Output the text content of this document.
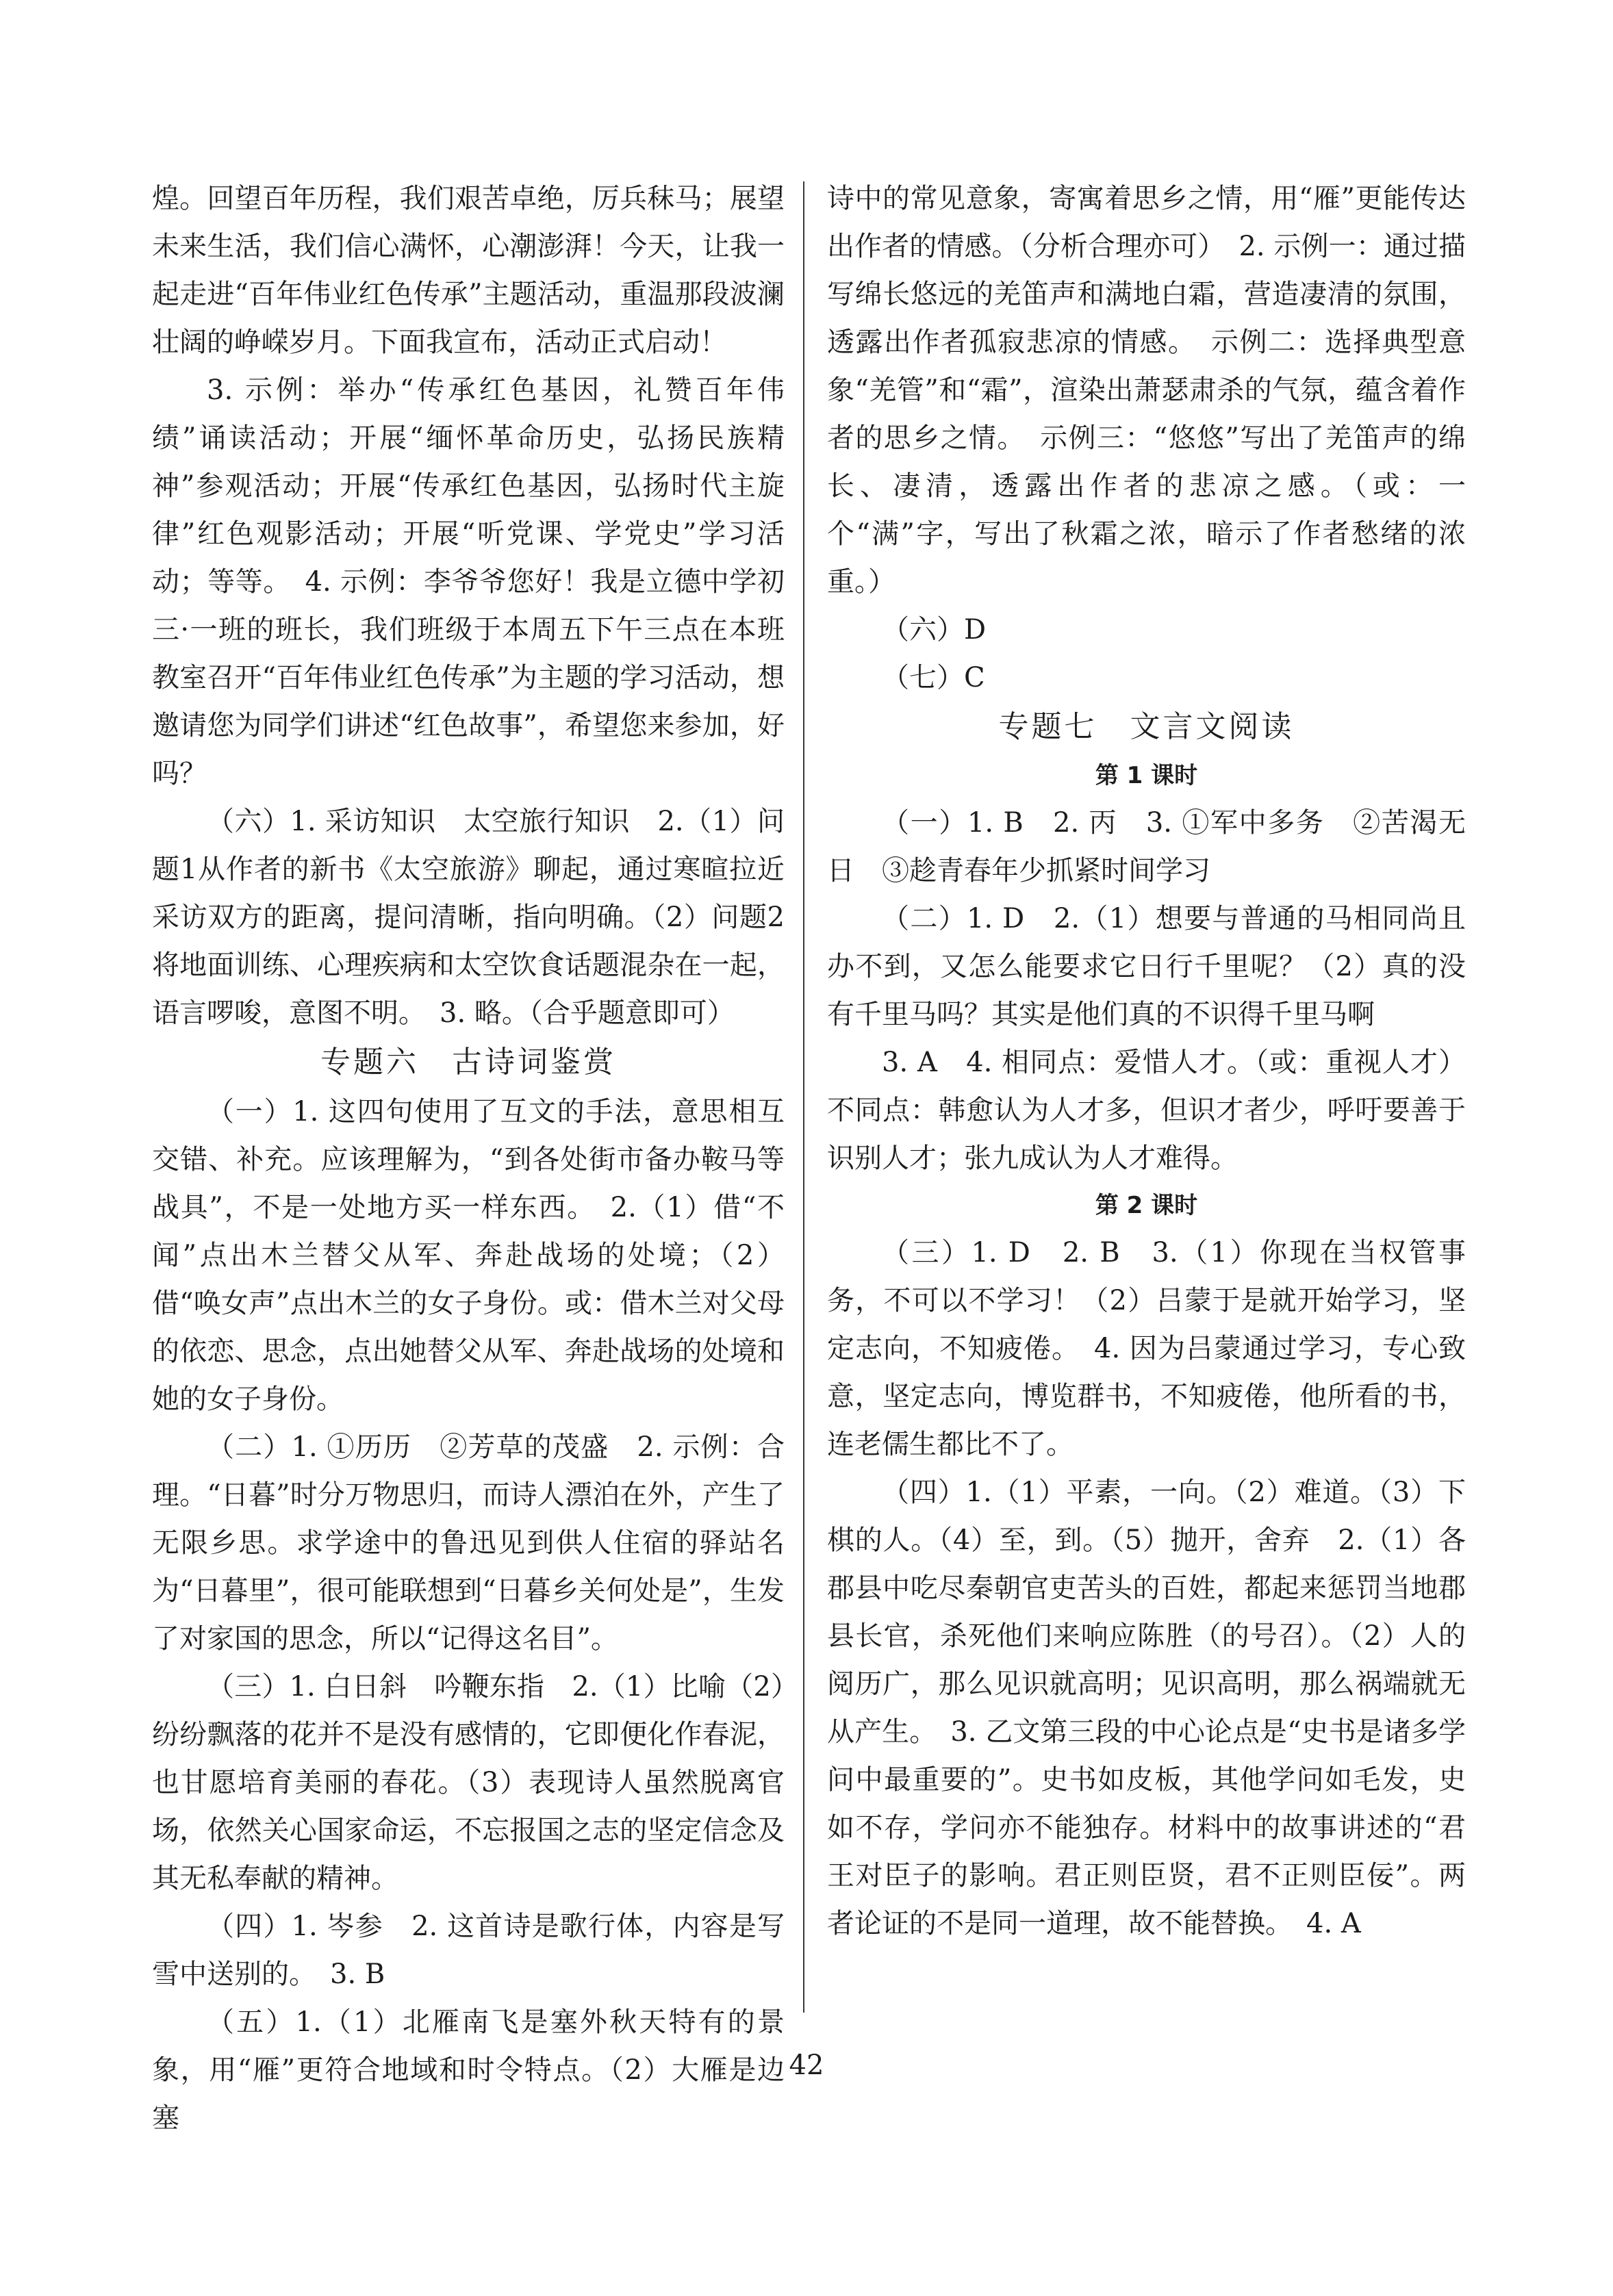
煌。回望百年历程，我们艰苦卓绝，厉兵秣马；展望未来生活，我们信心满怀，心潮澎湃！今天，让我一起走进“百年伟业红色传承”主题活动，重温那段波澜壮阔的峥嵘岁月。下面我宣布，活动正式启动！

3. 示例：举办“传承红色基因，礼赞百年伟绩”诵读活动；开展“缅怀革命历史，弘扬民族精神”参观活动；开展“传承红色基因，弘扬时代主旋律”红色观影活动；开展“听党课、学党史”学习活动；等等。　4. 示例：李爷爷您好！我是立德中学初三·一班的班长，我们班级于本周五下午三点在本班教室召开“百年伟业红色传承”为主题的学习活动，想邀请您为同学们讲述“红色故事”，希望您来参加，好吗？

（六）1. 采访知识　太空旅行知识　2.（1）问题1从作者的新书《太空旅游》聊起，通过寒暄拉近采访双方的距离，提问清晰，指向明确。（2）问题2将地面训练、心理疾病和太空饮食话题混杂在一起，语言啰唆，意图不明。　3. 略。（合乎题意即可）

专题六　古诗词鉴赏

（一）1. 这四句使用了互文的手法，意思相互交错、补充。应该理解为，“到各处街市备办鞍马等战具”，不是一处地方买一样东西。　2.（1）借“不闻”点出木兰替父从军、奔赴战场的处境；（2）借“唤女声”点出木兰的女子身份。或：借木兰对父母的依恋、思念，点出她替父从军、奔赴战场的处境和她的女子身份。

（二）1. ①历历　②芳草的茂盛　2. 示例：合理。“日暮”时分万物思归，而诗人漂泊在外，产生了无限乡思。求学途中的鲁迅见到供人住宿的驿站名为“日暮里”，很可能联想到“日暮乡关何处是”，生发了对家国的思念，所以“记得这名目”。

（三）1. 白日斜　吟鞭东指　2.（1）比喻（2）纷纷飘落的花并不是没有感情的，它即便化作春泥，也甘愿培育美丽的春花。（3）表现诗人虽然脱离官场，依然关心国家命运，不忘报国之志的坚定信念及其无私奉献的精神。

（四）1. 岑参　2. 这首诗是歌行体，内容是写雪中送别的。　3. B

（五）1.（1）北雁南飞是塞外秋天特有的景象，用“雁”更符合地域和时令特点。（2）大雁是边塞

诗中的常见意象，寄寓着思乡之情，用“雁”更能传达出作者的情感。（分析合理亦可）　2. 示例一：通过描写绵长悠远的羌笛声和满地白霜，营造凄清的氛围，透露出作者孤寂悲凉的情感。　示例二：选择典型意象“羌管”和“霜”，渲染出萧瑟肃杀的气氛，蕴含着作者的思乡之情。　示例三：“悠悠”写出了羌笛声的绵长、凄清，透露出作者的悲凉之感。（或：一个“满”字，写出了秋霜之浓，暗示了作者愁绪的浓重。）

（六）D

（七）C

专题七　文言文阅读

第 1 课时

（一）1. B　2. 丙　3. ①军中多务　②苦渴无日　③趁青春年少抓紧时间学习

（二）1. D　2.（1）想要与普通的马相同尚且办不到，又怎么能要求它日行千里呢？（2）真的没有千里马吗？其实是他们真的不识得千里马啊

3. A　4. 相同点：爱惜人才。（或：重视人才）不同点：韩愈认为人才多，但识才者少，呼吁要善于识别人才；张九成认为人才难得。

第 2 课时

（三）1. D　2. B　3.（1）你现在当权管事务，不可以不学习！（2）吕蒙于是就开始学习，坚定志向，不知疲倦。　4. 因为吕蒙通过学习，专心致意，坚定志向，博览群书，不知疲倦，他所看的书，连老儒生都比不了。

（四）1.（1）平素，一向。（2）难道。（3）下棋的人。（4）至，到。（5）抛开，舍弃　2.（1）各郡县中吃尽秦朝官吏苦头的百姓，都起来惩罚当地郡县长官，杀死他们来响应陈胜（的号召）。（2）人的阅历广，那么见识就高明；见识高明，那么祸端就无从产生。　3. 乙文第三段的中心论点是“史书是诸多学问中最重要的”。史书如皮板，其他学问如毛发，史如不存，学问亦不能独存。材料中的故事讲述的“君王对臣子的影响。君正则臣贤，君不正则臣佞”。两者论证的不是同一道理，故不能替换。　4. A

42
